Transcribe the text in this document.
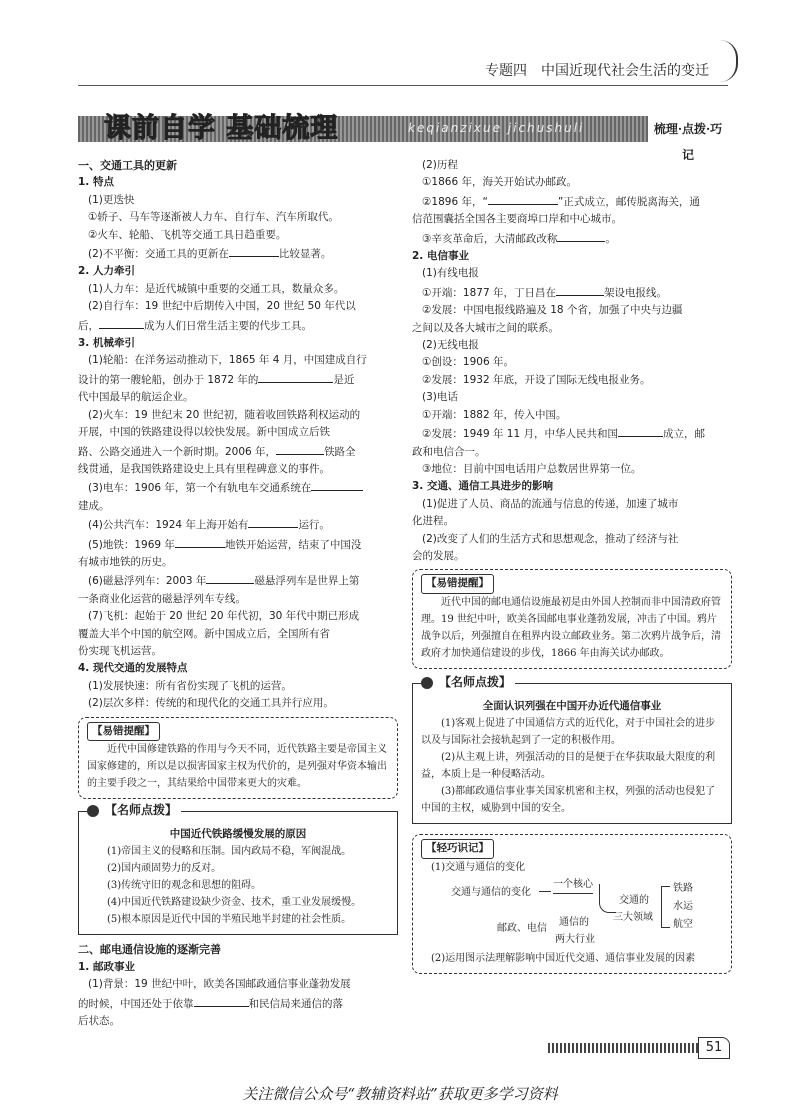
专题四　中国近现代社会生活的变迁
课前自学 基础梳理	keqianzixue jichushuli	梳理·点拨·巧记

一、交通工具的更新

1. 特点

(1)更迭快

①轿子、马车等逐渐被人力车、自行车、汽车所取代。

②火车、轮船、飞机等交通工具日趋重要。

(2)不平衡：交通工具的更新在	比较显著。

2. 人力牵引

(1)人力车：是近代城镇中重要的交通工具，数量众多。

(2)自行车：19 世纪中后期传入中国，20 世纪 50 年代以

后，	成为人们日常生活主要的代步工具。

3. 机械牵引

(1)轮船：在洋务运动推动下，1865 年 4 月，中国建成自行

设计的第一艘轮船，创办于 1872 年的	是近

代中国最早的航运企业。

(2)火车：19 世纪末 20 世纪初，随着收回铁路利权运动的

开展，中国的铁路建设得以较快发展。新中国成立后铁

路、公路交通进入一个新时期。2006 年，	铁路全

线贯通，是我国铁路建设史上具有里程碑意义的事件。

(3)电车：1906 年，第一个有轨电车交通系统在

建成。

(4)公共汽车：1924 年上海开始有	运行。

(5)地铁：1969 年	地铁开始运营，结束了中国没

有城市地铁的历史。

(6)磁悬浮列车：2003 年	磁悬浮列车是世界上第

一条商业化运营的磁悬浮列车专线。

(7)飞机：起始于 20 世纪 20 年代初，30 年代中期已形成

覆盖大半个中国的航空网。新中国成立后，全国所有省

份实现飞机运营。

4. 现代交通的发展特点

(1)发展快速：所有省份实现了飞机的运营。

(2)层次多样：传统的和现代化的交通工具并行应用。

【易错提醒】

近代中国修建铁路的作用与今天不同，近代铁路主要是帝国主义国家修建的，所以是以损害国家主权为代价的，是列强对华资本输出的主要手段之一，其结果给中国带来更大的灾难。

【名师点拨】

中国近代铁路缓慢发展的原因

(1)帝国主义的侵略和压制。国内政局不稳，军阀混战。

(2)国内顽固势力的反对。

(3)传统守旧的观念和思想的阻碍。

(4)中国近代铁路建设缺少资金、技术，重工业发展缓慢。

(5)根本原因是近代中国的半殖民地半封建的社会性质。

二、邮电通信设施的逐渐完善

1. 邮政事业

(1)背景：19 世纪中叶，欧美各国邮政通信事业蓬勃发展

的时候，中国还处于依靠	和民信局来通信的落

后状态。

(2)历程

①1866 年，海关开始试办邮政。

②1896 年，“	”正式成立，邮传脱离海关，通

信范围囊括全国各主要商埠口岸和中心城市。

③辛亥革命后，大清邮政改称	。

2. 电信事业

(1)有线电报

①开端：1877 年，丁日昌在	架设电报线。

②发展：中国电报线路遍及 18 个省，加强了中央与边疆

之间以及各大城市之间的联系。

(2)无线电报

①创设：1906 年。

②发展：1932 年底，开设了国际无线电报业务。

(3)电话

①开端：1882 年，传入中国。

②发展：1949 年 11 月，中华人民共和国	成立，邮

政和电信合一。

③地位：目前中国电话用户总数居世界第一位。

3. 交通、通信工具进步的影响

(1)促进了人员、商品的流通与信息的传递，加速了城市

化进程。

(2)改变了人们的生活方式和思想观念，推动了经济与社

会的发展。

【易错提醒】

近代中国的邮电通信设施最初是由外国人控制而非中国清政府管理。19 世纪中叶，欧美各国邮电事业蓬勃发展，冲击了中国。鸦片战争以后，列强擅自在租界内设立邮政业务。第二次鸦片战争后，清政府才加快通信建设的步伐，1866 年由海关试办邮政。

【名师点拨】

全面认识列强在中国开办近代通信事业

(1)客观上促进了中国通信方式的近代化，对于中国社会的进步以及与国际社会接轨起到了一定的积极作用。

(2)从主观上讲，列强活动的目的是便于在华获取最大限度的利益，本质上是一种侵略活动。

(3)都邮政通信事业事关国家机密和主权，列强的活动也侵犯了中国的主权，威胁到中国的安全。

【轻巧识记】

(1)交通与通信的变化

交通与通信的变化
一个核心
交通的
三大领域
铁路
水运
航空
邮政、电信
通信的
两大行业

(2)运用图示法理解影响中国近代交通、通信事业发展的因素

51
关注微信公众号“教辅资料站”获取更多学习资料
